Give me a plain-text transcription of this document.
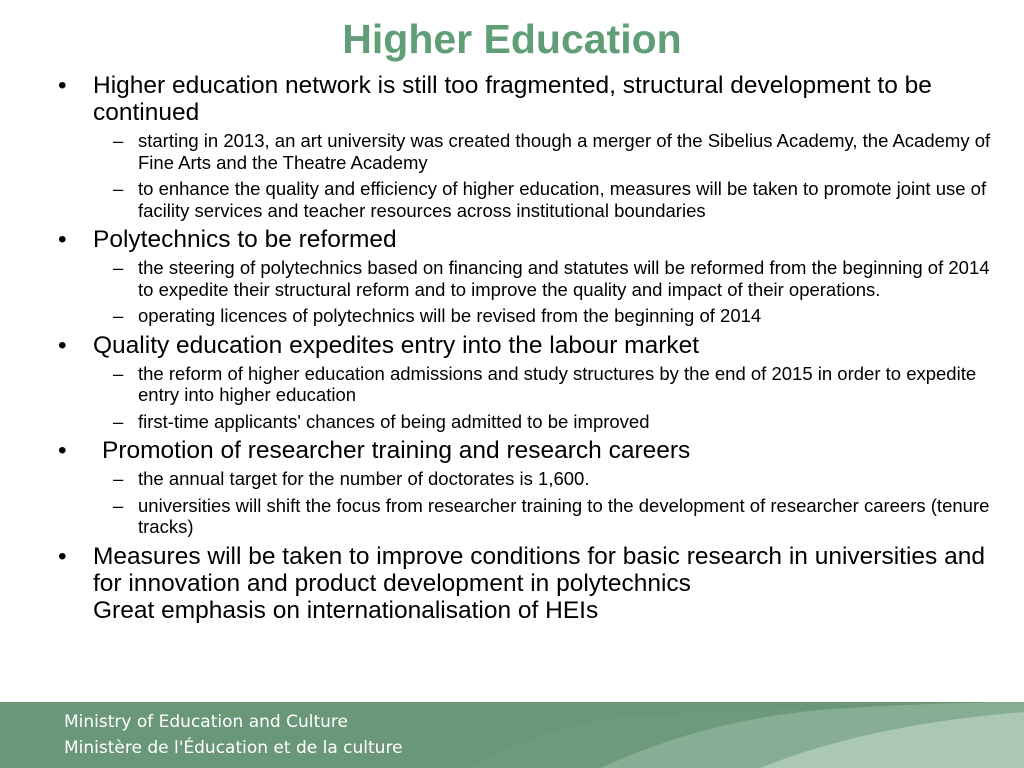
Higher Education
• Higher education network is still too fragmented, structural development to be continued
– starting in 2013, an art university was created though a merger of the Sibelius Academy, the Academy of Fine Arts and the Theatre Academy
– to enhance the quality and efficiency of higher education, measures will be taken to promote joint use of facility services and teacher resources across institutional boundaries
• Polytechnics to be reformed
– the steering of polytechnics based on financing and statutes will be reformed from the beginning of 2014 to expedite their structural reform and to improve the quality and impact of their operations.
– operating licences of polytechnics will be revised from the beginning of 2014
• Quality education expedites entry into the labour market
– the reform of higher education admissions and study structures by the end of 2015 in order to expedite entry into higher education
– first-time applicants' chances of being admitted to be improved
•	Promotion of researcher training and research careers
– the annual target for the number of doctorates is 1,600.
– universities will shift the focus from researcher training to the development of researcher careers (tenure tracks)
• Measures will be taken to improve conditions for basic research in universities and for innovation and product development in polytechnics
Great emphasis on internationalisation of HEIs
Ministry of Education and Culture
Ministère de l'Éducation et de la culture
